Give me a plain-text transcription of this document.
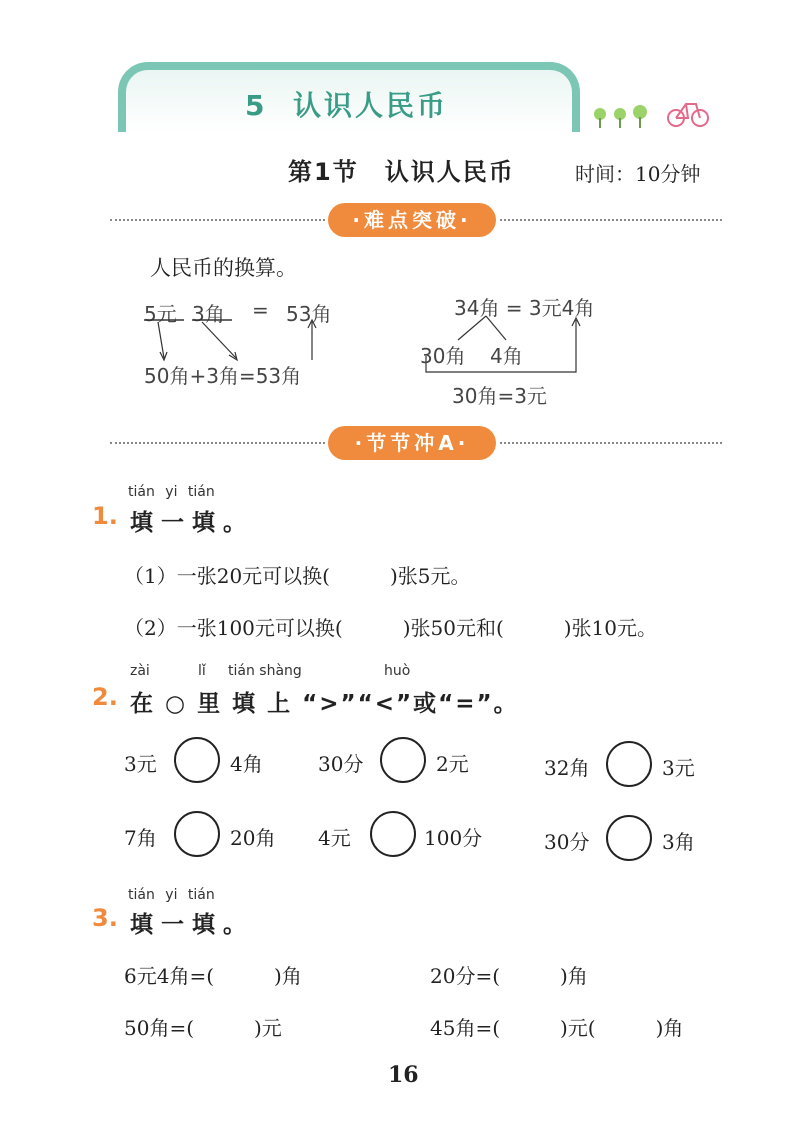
5 认识人民币
第1节　认识人民币	时间：10分钟
·难点突破·
人民币的换算。
5元 3角 = 53角
50角+3角=53角
34角 = 3元4角
30角 4角
30角=3元
·节节冲A·
tián yi tián
1. 填一填。
（1）一张20元可以换(　　　)张5元。
（2）一张100元可以换(　　　)张50元和(　　　)张10元。
zài	lǐ tián shàng	huò
2. 在 ○ 里 填 上 “>”“<”或“=”。
3元	4角	30分	2元	32角	3元
7角	20角 4元	100分	30分	3角
tián yi tián
3. 填一填。
6元4角=(　　　)角	20分=(　　　)角
50角=(　　　)元	45角=(　　　)元(　　　)角
16
